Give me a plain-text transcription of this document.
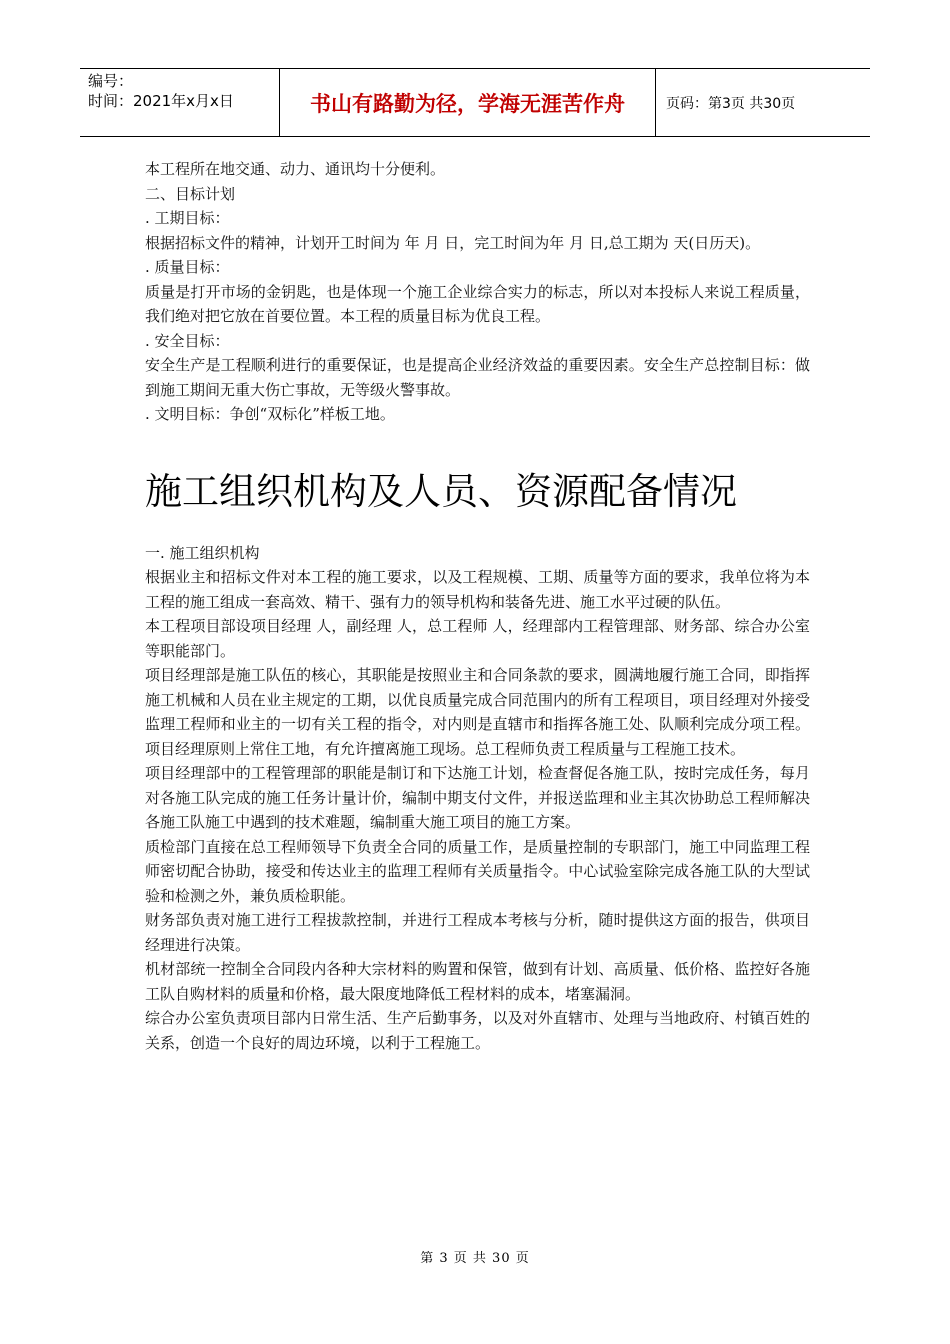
编号：
时间：2021年x月x日	书山有路勤为径，学海无涯苦作舟	页码：第3页 共30页

本工程所在地交通、动力、通讯均十分便利。

二、目标计划

. 工期目标：

根据招标文件的精神，计划开工时间为 年 月 日，完工时间为年 月 日,总工期为 天(日历天)。

. 质量目标：

质量是打开市场的金钥匙，也是体现一个施工企业综合实力的标志，所以对本投标人来说工程质量，我们绝对把它放在首要位置。本工程的质量目标为优良工程。

. 安全目标：

安全生产是工程顺利进行的重要保证，也是提高企业经济效益的重要因素。安全生产总控制目标：做到施工期间无重大伤亡事故，无等级火警事故。

. 文明目标：争创“双标化”样板工地。

施工组织机构及人员、资源配备情况

一. 施工组织机构

根据业主和招标文件对本工程的施工要求，以及工程规模、工期、质量等方面的要求，我单位将为本工程的施工组成一套高效、精干、强有力的领导机构和装备先进、施工水平过硬的队伍。

本工程项目部设项目经理 人，副经理 人，总工程师 人，经理部内工程管理部、财务部、综合办公室等职能部门。

项目经理部是施工队伍的核心，其职能是按照业主和合同条款的要求，圆满地履行施工合同，即指挥施工机械和人员在业主规定的工期，以优良质量完成合同范围内的所有工程项目，项目经理对外接受监理工程师和业主的一切有关工程的指令，对内则是直辖市和指挥各施工处、队顺利完成分项工程。项目经理原则上常住工地，有允许擅离施工现场。总工程师负责工程质量与工程施工技术。

项目经理部中的工程管理部的职能是制订和下达施工计划，检查督促各施工队，按时完成任务，每月对各施工队完成的施工任务计量计价，编制中期支付文件，并报送监理和业主其次协助总工程师解决各施工队施工中遇到的技术难题，编制重大施工项目的施工方案。

质检部门直接在总工程师领导下负责全合同的质量工作，是质量控制的专职部门，施工中同监理工程师密切配合协助，接受和传达业主的监理工程师有关质量指令。中心试验室除完成各施工队的大型试验和检测之外，兼负质检职能。

财务部负责对施工进行工程拔款控制，并进行工程成本考核与分析，随时提供这方面的报告，供项目经理进行决策。

机材部统一控制全合同段内各种大宗材料的购置和保管，做到有计划、高质量、低价格、监控好各施工队自购材料的质量和价格，最大限度地降低工程材料的成本，堵塞漏洞。

综合办公室负责项目部内日常生活、生产后勤事务，以及对外直辖市、处理与当地政府、村镇百姓的关系，创造一个良好的周边环境，以利于工程施工。

第 3 页 共 30 页
